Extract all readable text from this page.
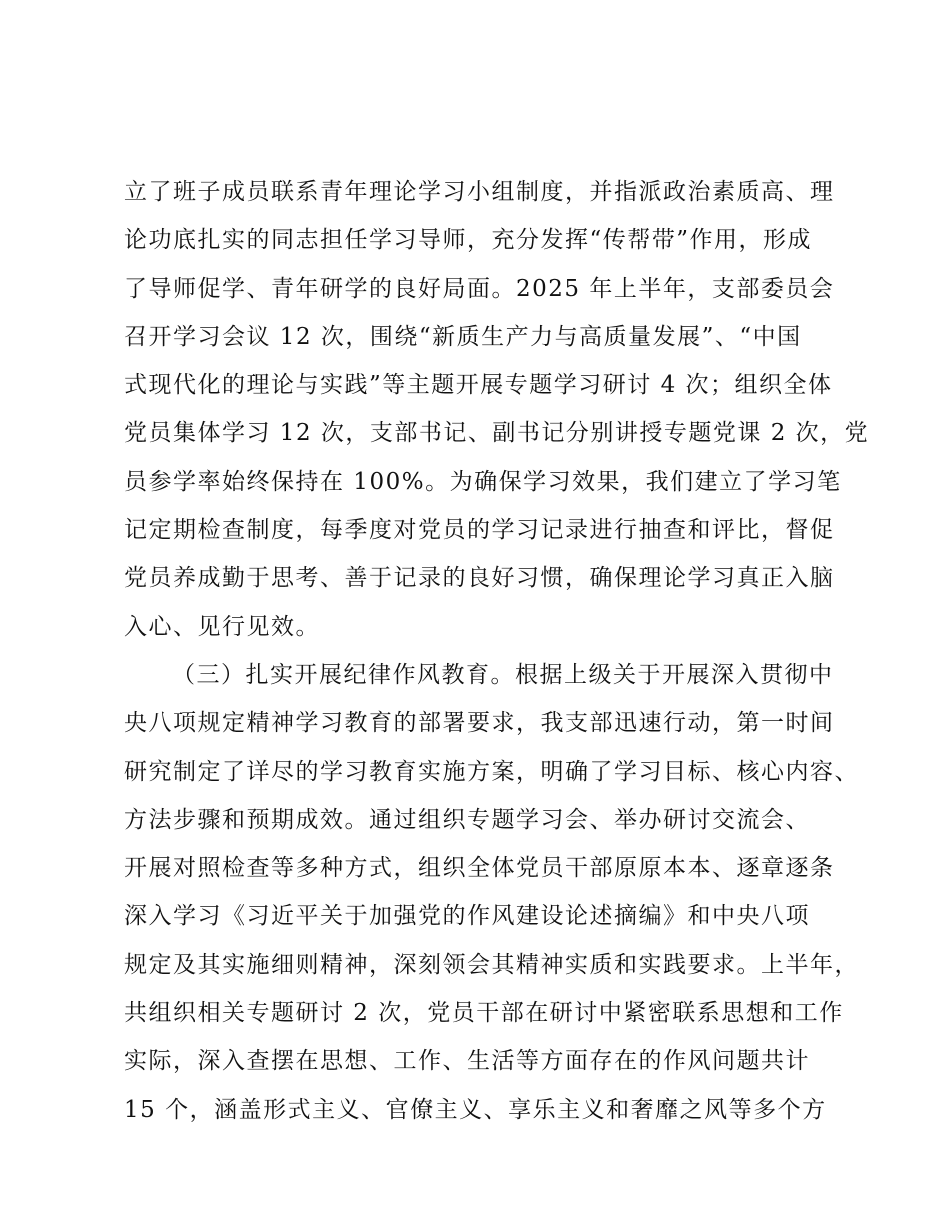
立了班子成员联系青年理论学习小组制度，并指派政治素质高、理
论功底扎实的同志担任学习导师，充分发挥“传帮带”作用，形成
了导师促学、青年研学的良好局面。2025 年上半年，支部委员会
召开学习会议 12 次，围绕“新质生产力与高质量发展”、“中国
式现代化的理论与实践”等主题开展专题学习研讨 4 次；组织全体
党员集体学习 12 次，支部书记、副书记分别讲授专题党课 2 次，党
员参学率始终保持在 100%。为确保学习效果，我们建立了学习笔
记定期检查制度，每季度对党员的学习记录进行抽查和评比，督促
党员养成勤于思考、善于记录的良好习惯，确保理论学习真正入脑
入心、见行见效。
（三）扎实开展纪律作风教育。根据上级关于开展深入贯彻中
央八项规定精神学习教育的部署要求，我支部迅速行动，第一时间
研究制定了详尽的学习教育实施方案，明确了学习目标、核心内容、
方法步骤和预期成效。通过组织专题学习会、举办研讨交流会、
开展对照检查等多种方式，组织全体党员干部原原本本、逐章逐条
深入学习《习近平关于加强党的作风建设论述摘编》和中央八项
规定及其实施细则精神，深刻领会其精神实质和实践要求。上半年，
共组织相关专题研讨 2 次，党员干部在研讨中紧密联系思想和工作
实际，深入查摆在思想、工作、生活等方面存在的作风问题共计
15 个，涵盖形式主义、官僚主义、享乐主义和奢靡之风等多个方
